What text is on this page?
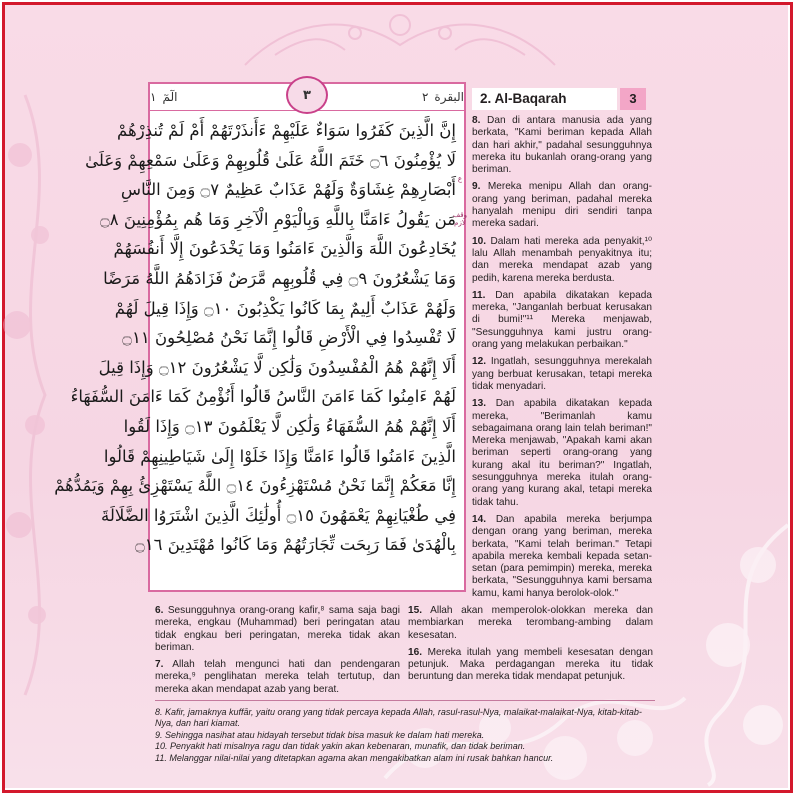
الٓمٓ
١	٣	البقرة
٢
إِنَّ الَّذِينَ كَفَرُوا سَوَاءٌ عَلَيْهِمْ ءَأَنذَرْتَهُمْ أَمْ لَمْ تُنذِرْهُمْ
لَا يُؤْمِنُونَ ۝٦ خَتَمَ اللَّهُ عَلَىٰ قُلُوبِهِمْ وَعَلَىٰ سَمْعِهِمْ وَعَلَىٰ
أَبْصَارِهِمْ غِشَاوَةٌ وَلَهُمْ عَذَابٌ عَظِيمٌ ۝٧ وَمِنَ النَّاسِ
مَن يَقُولُ ءَامَنَّا بِاللَّهِ وَبِالْيَوْمِ الْآخِرِ وَمَا هُم بِمُؤْمِنِينَ ۝٨
يُخَادِعُونَ اللَّهَ وَالَّذِينَ ءَامَنُوا وَمَا يَخْدَعُونَ إِلَّا أَنفُسَهُمْ
وَمَا يَشْعُرُونَ ۝٩ فِي قُلُوبِهِم مَّرَضٌ فَزَادَهُمُ اللَّهُ مَرَضًا
وَلَهُمْ عَذَابٌ أَلِيمٌ بِمَا كَانُوا يَكْذِبُونَ ۝١٠ وَإِذَا قِيلَ لَهُمْ
لَا تُفْسِدُوا فِي الْأَرْضِ قَالُوا إِنَّمَا نَحْنُ مُصْلِحُونَ ۝١١
أَلَا إِنَّهُمْ هُمُ الْمُفْسِدُونَ وَلَٰكِن لَّا يَشْعُرُونَ ۝١٢ وَإِذَا قِيلَ
لَهُمْ ءَامِنُوا كَمَا ءَامَنَ النَّاسُ قَالُوا أَنُؤْمِنُ كَمَا ءَامَنَ السُّفَهَاءُ
أَلَا إِنَّهُمْ هُمُ السُّفَهَاءُ وَلَٰكِن لَّا يَعْلَمُونَ ۝١٣ وَإِذَا لَقُوا
الَّذِينَ ءَامَنُوا قَالُوا ءَامَنَّا وَإِذَا خَلَوْا إِلَىٰ شَيَاطِينِهِمْ قَالُوا
إِنَّا مَعَكُمْ إِنَّمَا نَحْنُ مُسْتَهْزِءُونَ ۝١٤ اللَّهُ يَسْتَهْزِئُ بِهِمْ وَيَمُدُّهُمْ
فِي طُغْيَانِهِمْ يَعْمَهُونَ ۝١٥ أُولَٰئِكَ الَّذِينَ اشْتَرَوُا الضَّلَالَةَ
بِالْهُدَىٰ فَمَا رَبِحَت تِّجَارَتُهُمْ وَمَا كَانُوا مُهْتَدِينَ ۝١٦
ع
وقف لازم
2. Al-Baqarah	3

8. Dan di antara manusia ada yang berkata, "Kami beriman kepada Allah dan hari akhir," padahal sesungguhnya mereka itu bukanlah orang-orang yang beriman.

9. Mereka menipu Allah dan orang-orang yang beriman, padahal mereka hanyalah menipu diri sendiri tanpa mereka sadari.

10. Dalam hati mereka ada penyakit,¹⁰ lalu Allah menambah penyakitnya itu; dan mereka mendapat azab yang pedih, karena mereka berdusta.

11. Dan apabila dikatakan kepada mereka, "Janganlah berbuat kerusakan di bumi!"¹¹ Mereka menjawab, "Sesungguhnya kami justru orang-orang yang melakukan perbaikan."

12. Ingatlah, sesungguhnya merekalah yang berbuat kerusakan, tetapi mereka tidak menyadari.

13. Dan apabila dikatakan kepada mereka, "Berimanlah kamu sebagaimana orang lain telah beriman!" Mereka menjawab, "Apakah kami akan beriman seperti orang-orang yang kurang akal itu beriman?" Ingatlah, sesungguhnya mereka itulah orang-orang yang kurang akal, tetapi mereka tidak tahu.

14. Dan apabila mereka berjumpa dengan orang yang beriman, mereka berkata, "Kami telah beriman." Tetapi apabila mereka kembali kepada setan-setan (para pemimpin) mereka, mereka berkata, "Sesungguhnya kami bersama kamu, kami hanya berolok-olok."

6. Sesungguhnya orang-orang kafir,⁸ sama saja bagi mereka, engkau (Muhammad) beri peringatan atau tidak engkau beri peringatan, mereka tidak akan beriman.

7. Allah telah mengunci hati dan pendengaran mereka,⁹ penglihatan mereka telah tertutup, dan mereka akan mendapat azab yang berat.

15. Allah akan memperolok-olokkan mereka dan membiarkan mereka terombang-ambing dalam kesesatan.

16. Mereka itulah yang membeli kesesatan dengan petunjuk. Maka perdagangan mereka itu tidak beruntung dan mereka tidak mendapat petunjuk.

8. Kafir, jamaknya kuffār, yaitu orang yang tidak percaya kepada Allah, rasul-rasul-Nya, malaikat-malaikat-Nya, kitab-kitab-Nya, dan hari kiamat.

9. Sehingga nasihat atau hidayah tersebut tidak bisa masuk ke dalam hati mereka.

10. Penyakit hati misalnya ragu dan tidak yakin akan kebenaran, munafik, dan tidak beriman.

11. Melanggar nilai-nilai yang ditetapkan agama akan mengakibatkan alam ini rusak bahkan hancur.
